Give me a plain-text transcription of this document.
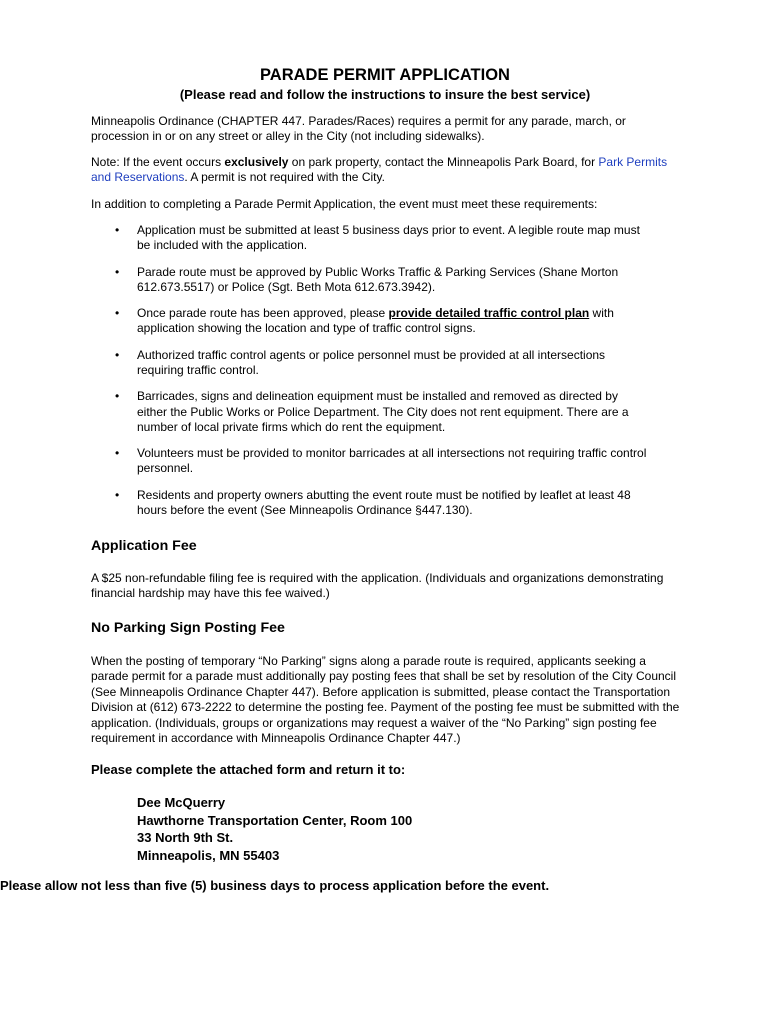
PARADE PERMIT APPLICATION

(Please read and follow the instructions to insure the best service)

Minneapolis Ordinance (CHAPTER 447. Parades/Races) requires a permit for any parade, march, or procession in or on any street or alley in the City (not including sidewalks).

Note: If the event occurs exclusively on park property, contact the Minneapolis Park Board, for Park Permits and Reservations. A permit is not required with the City.

In addition to completing a Parade Permit Application, the event must meet these requirements:

• Application must be submitted at least 5 business days prior to event. A legible route map must be included with the application.
• Parade route must be approved by Public Works Traffic & Parking Services (Shane Morton 612.673.5517) or Police (Sgt. Beth Mota 612.673.3942).
• Once parade route has been approved, please provide detailed traffic control plan with application showing the location and type of traffic control signs.
• Authorized traffic control agents or police personnel must be provided at all intersections requiring traffic control.
• Barricades, signs and delineation equipment must be installed and removed as directed by either the Public Works or Police Department. The City does not rent equipment. There are a number of local private firms which do rent the equipment.
• Volunteers must be provided to monitor barricades at all intersections not requiring traffic control personnel.
• Residents and property owners abutting the event route must be notified by leaflet at least 48 hours before the event (See Minneapolis Ordinance §447.130).
Application Fee

A $25 non-refundable filing fee is required with the application. (Individuals and organizations demonstrating financial hardship may have this fee waived.)

No Parking Sign Posting Fee

When the posting of temporary “No Parking” signs along a parade route is required, applicants seeking a parade permit for a parade must additionally pay posting fees that shall be set by resolution of the City Council (See Minneapolis Ordinance Chapter 447). Before application is submitted, please contact the Transportation Division at (612) 673-2222 to determine the posting fee. Payment of the posting fee must be submitted with the application. (Individuals, groups or organizations may request a waiver of the “No Parking” sign posting fee requirement in accordance with Minneapolis Ordinance Chapter 447.)

Please complete the attached form and return it to:
Dee McQuerry
Hawthorne Transportation Center, Room 100
33 North 9th St.
Minneapolis, MN 55403

Please allow not less than five (5) business days to process application before the event.
